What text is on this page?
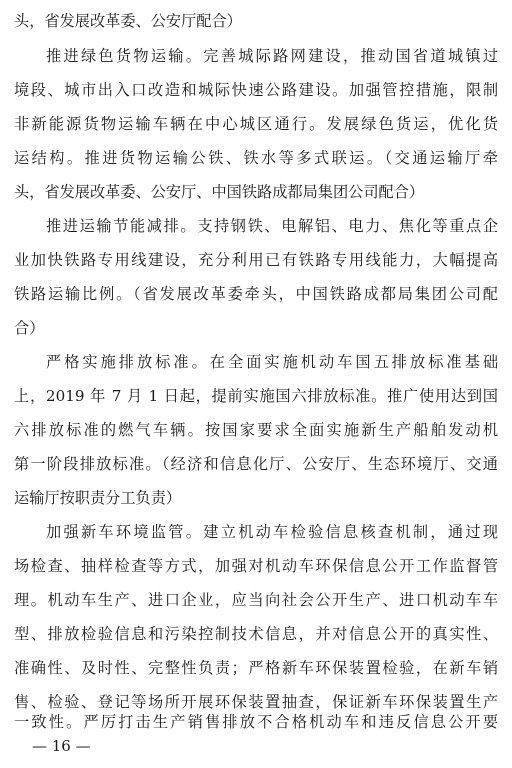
头，省发展改革委、公安厅配合）
推进绿色货物运输。完善城际路网建设，推动国省道城镇过
境段、城市出入口改造和城际快速公路建设。加强管控措施，限制
非新能源货物运输车辆在中心城区通行。发展绿色货运，优化货
运结构。推进货物运输公铁、铁水等多式联运。（交通运输厅牵
头，省发展改革委、公安厅、中国铁路成都局集团公司配合）
推进运输节能减排。支持钢铁、电解铝、电力、焦化等重点企
业加快铁路专用线建设，充分利用已有铁路专用线能力，大幅提高
铁路运输比例。（省发展改革委牵头，中国铁路成都局集团公司配
合）
严格实施排放标准。在全面实施机动车国五排放标准基础
上，2019 年 7 月 1 日起，提前实施国六排放标准。推广使用达到国
六排放标准的燃气车辆。按国家要求全面实施新生产船舶发动机
第一阶段排放标准。（经济和信息化厅、公安厅、生态环境厅、交通
运输厅按职责分工负责）
加强新车环境监管。建立机动车检验信息核查机制，通过现
场检查、抽样检查等方式，加强对机动车环保信息公开工作监督管
理。机动车生产、进口企业，应当向社会公开生产、进口机动车车
型、排放检验信息和污染控制技术信息，并对信息公开的真实性、
准确性、及时性、完整性负责；严格新车环保装置检验，在新车销
售、检验、登记等场所开展环保装置抽查，保证新车环保装置生产
一致性。严厉打击生产销售排放不合格机动车和违反信息公开要
— 16 —
